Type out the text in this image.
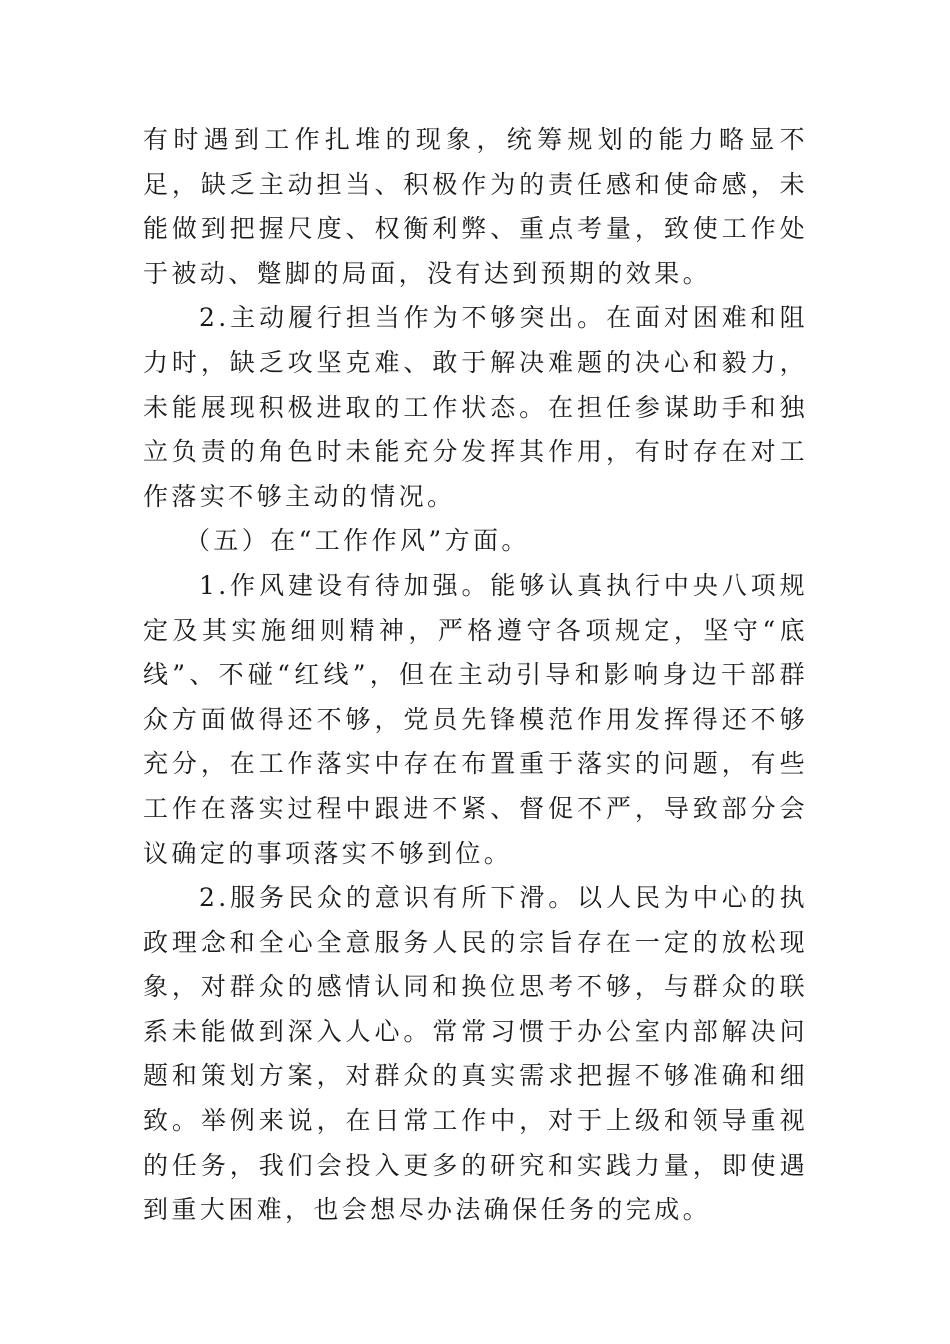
有时遇到工作扎堆的现象，统筹规划的能力略显不足，缺乏主动担当、积极作为的责任感和使命感，未能做到把握尺度、权衡利弊、重点考量，致使工作处于被动、蹩脚的局面，没有达到预期的效果。

2.主动履行担当作为不够突出。在面对困难和阻力时，缺乏攻坚克难、敢于解决难题的决心和毅力，未能展现积极进取的工作状态。在担任参谋助手和独立负责的角色时未能充分发挥其作用，有时存在对工作落实不够主动的情况。

（五）在“工作作风”方面。

1.作风建设有待加强。能够认真执行中央八项规定及其实施细则精神，严格遵守各项规定，坚守“底线”、不碰“红线”，但在主动引导和影响身边干部群众方面做得还不够，党员先锋模范作用发挥得还不够充分，在工作落实中存在布置重于落实的问题，有些工作在落实过程中跟进不紧、督促不严，导致部分会议确定的事项落实不够到位。

2.服务民众的意识有所下滑。以人民为中心的执政理念和全心全意服务人民的宗旨存在一定的放松现象，对群众的感情认同和换位思考不够，与群众的联系未能做到深入人心。常常习惯于办公室内部解决问题和策划方案，对群众的真实需求把握不够准确和细致。举例来说，在日常工作中，对于上级和领导重视的任务，我们会投入更多的研究和实践力量，即使遇到重大困难，也会想尽办法确保任务的完成。
